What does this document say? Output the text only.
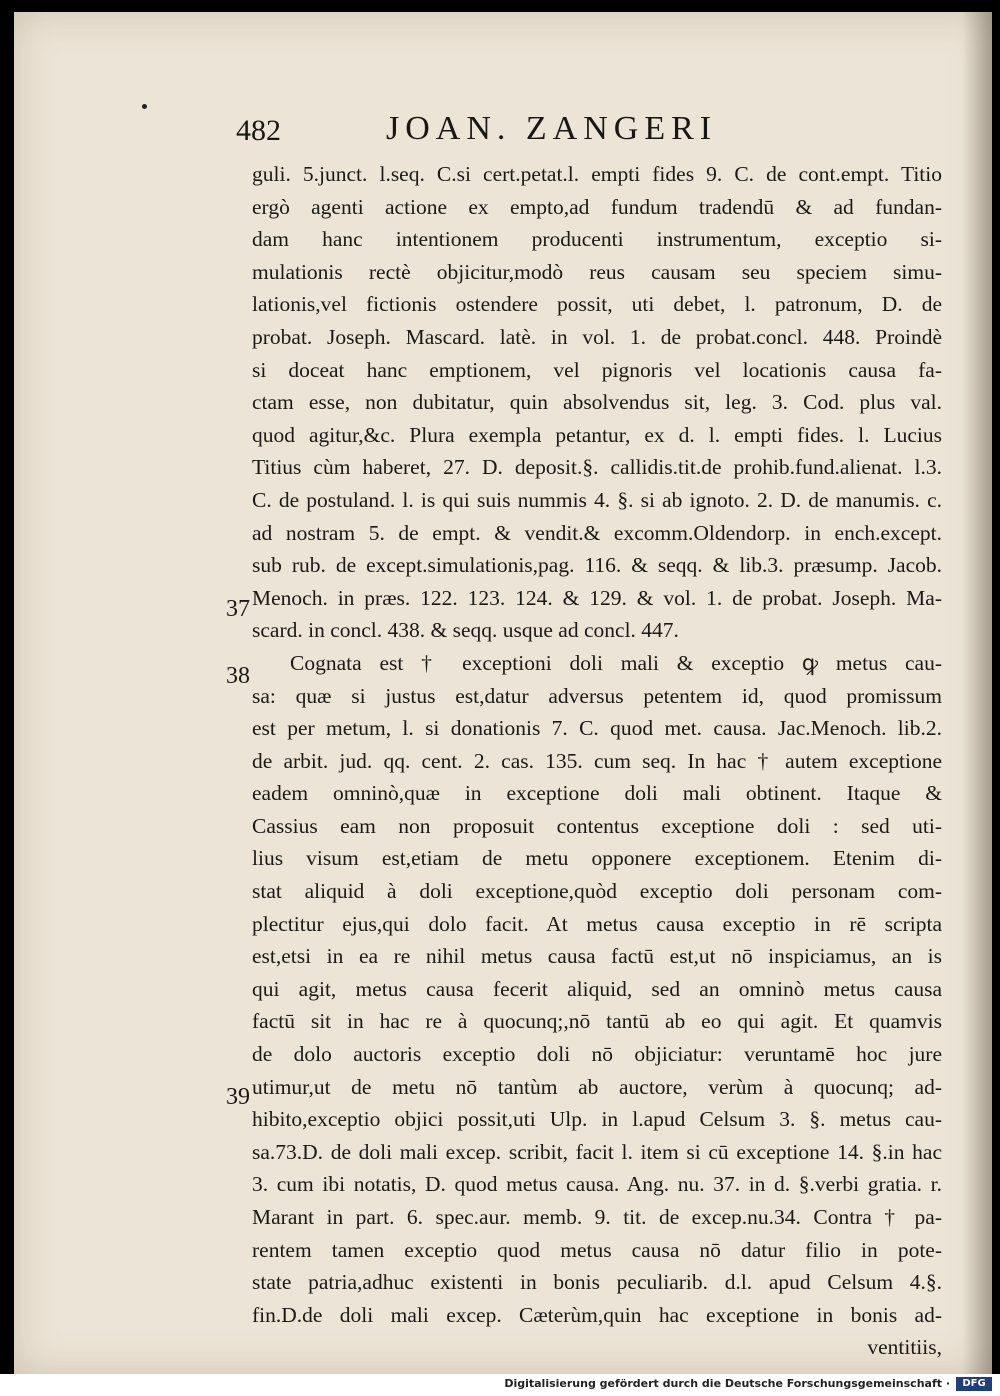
482	JOAN. ZANGERI
37
38
39
guli. 5.junct. l.seq. C.si cert.petat.l. empti fides 9. C. de cont.empt. Titio
ergò agenti actione ex empto,ad fundum tradendū & ad fundan-
dam hanc intentionem producenti instrumentum, exceptio si-
mulationis rectè objicitur,modò reus causam seu speciem simu-
lationis,vel fictionis ostendere possit, uti debet, l. patronum, D. de
probat. Joseph. Mascard. latè. in vol. 1. de probat.concl. 448. Proindè
si doceat hanc emptionem, vel pignoris vel locationis causa fa-
ctam esse, non dubitatur, quin absolvendus sit, leg. 3. Cod. plus val.
quod agitur,&c. Plura exempla petantur, ex d. l. empti fides. l. Lucius
Titius cùm haberet, 27. D. deposit.§. callidis.tit.de prohib.fund.alienat. l.3.
C. de postuland. l. is qui suis nummis 4. §. si ab ignoto. 2. D. de manumis. c.
ad nostram 5. de empt. & vendit.& excomm.Oldendorp. in ench.except.
sub rub. de except.simulationis,pag. 116. & seqq. & lib.3. præsump. Jacob.
Menoch. in præs. 122. 123. 124. & 129. & vol. 1. de probat. Joseph. Ma-
scard. in concl. 438. & seqq. usque ad concl. 447.
Cognata est † exceptioni doli mali & exceptio ꝙ metus cau-
sa: quæ si justus est,datur adversus petentem id, quod promissum
est per metum, l. si donationis 7. C. quod met. causa. Jac.Menoch. lib.2.
de arbit. jud. qq. cent. 2. cas. 135. cum seq. In hac † autem exceptione
eadem omninò,quæ in exceptione doli mali obtinent. Itaque &
Cassius eam non proposuit contentus exceptione doli : sed uti-
lius visum est,etiam de metu opponere exceptionem. Etenim di-
stat aliquid à doli exceptione,quòd exceptio doli personam com-
plectitur ejus,qui dolo facit. At metus causa exceptio in rē scripta
est,etsi in ea re nihil metus causa factū est,ut nō inspiciamus, an is
qui agit, metus causa fecerit aliquid, sed an omninò metus causa
factū sit in hac re à quocunq;,nō tantū ab eo qui agit. Et quamvis
de dolo auctoris exceptio doli nō objiciatur: veruntamē hoc jure
utimur,ut de metu nō tantùm ab auctore, verùm à quocunq; ad-
hibito,exceptio objici possit,uti Ulp. in l.apud Celsum 3. §. metus cau-
sa.73.D. de doli mali excep. scribit, facit l. item si cū exceptione 14. §.in hac
3. cum ibi notatis, D. quod metus causa. Ang. nu. 37. in d. §.verbi gratia. r.
Marant in part. 6. spec.aur. memb. 9. tit. de excep.nu.34. Contra † pa-
rentem tamen exceptio quod metus causa nō datur filio in pote-
state patria,adhuc existenti in bonis peculiarib. d.l. apud Celsum 4.§.
fin.D.de doli mali excep. Cæterùm,quin hac exceptione in bonis ad-
ventitiis,
Digitalisierung gefördert durch die Deutsche Forschungsgemeinschaft ·	DFG
